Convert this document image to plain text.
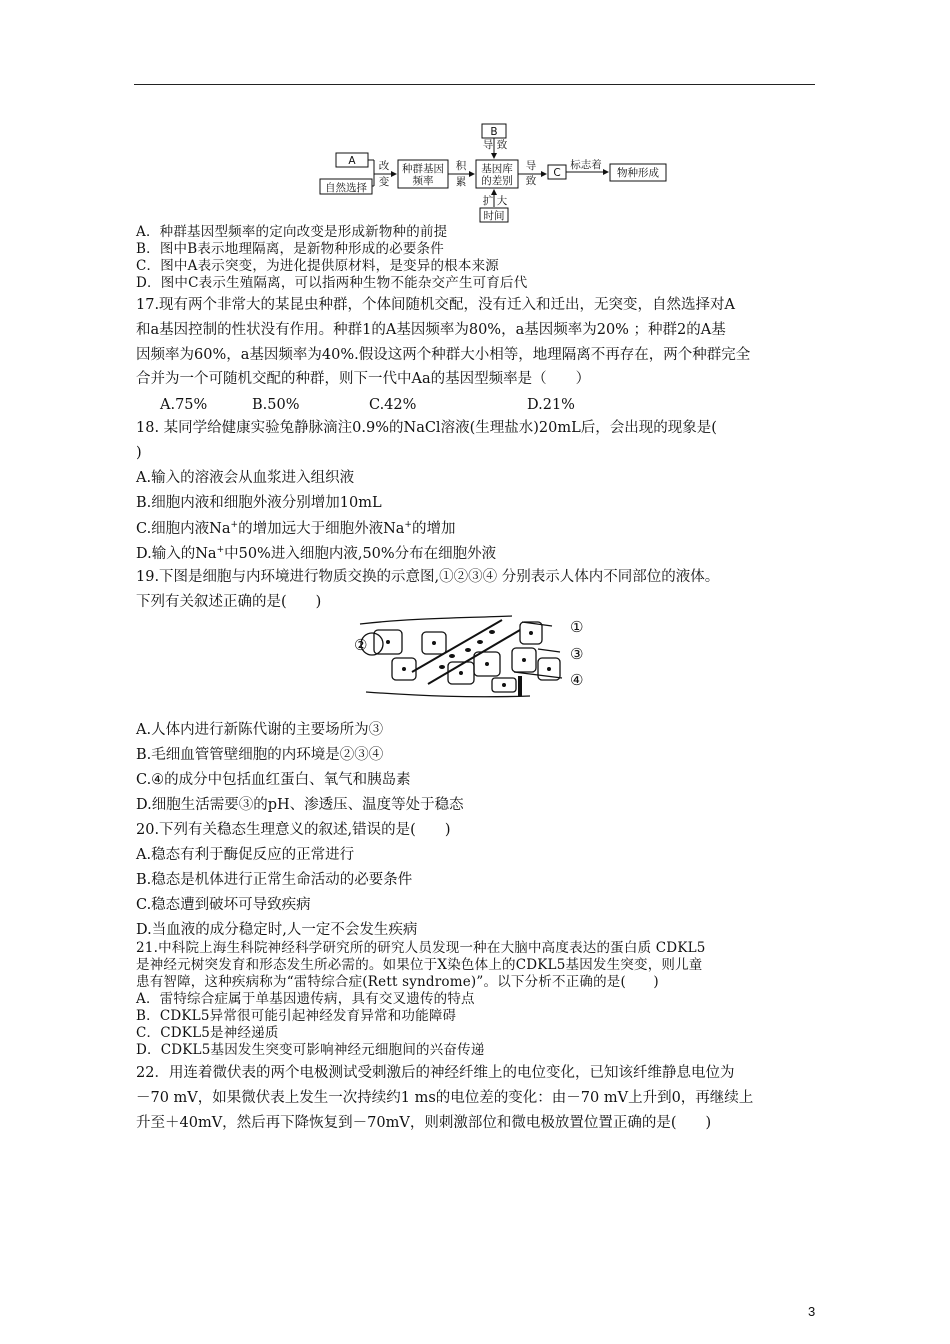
A
自然选择
改
变
种群基因
频率
积
累
B
导 致
基因库
的差别
扩 大
时间
导
致
C
标志着
物种形成
A．种群基因型频率的定向改变是形成新物种的前提
B．图中B表示地理隔离，是新物种形成的必要条件
C．图中A表示突变，为进化提供原材料，是变异的根本来源
D．图中C表示生殖隔离，可以指两种生物不能杂交产生可育后代
17.现有两个非常大的某昆虫种群，个体间随机交配，没有迁入和迁出，无突变，自然选择对A
和a基因控制的性状没有作用。种群1的A基因频率为80%，a基因频率为20% ；种群2的A基
因频率为60%，a基因频率为40%.假设这两个种群大小相等，地理隔离不再存在，两个种群完全
合并为一个可随机交配的种群，则下一代中Aa的基因型频率是（　　）
A.75%	B.50%	C.42%	D.21%
18. 某同学给健康实验兔静脉滴注0.9%的NaCl溶液(生理盐水)20mL后，会出现的现象是(
)
A.输入的溶液会从血浆进入组织液
B.细胞内液和细胞外液分别增加10mL
C.细胞内液Na+的增加远大于细胞外液Na+的增加
D.输入的Na+中50%进入细胞内液,50%分布在细胞外液
19.下图是细胞与内环境进行物质交换的示意图,①②③④ 分别表示人体内不同部位的液体。
下列有关叙述正确的是(　　)
①
②	③
④
A.人体内进行新陈代谢的主要场所为③
B.毛细血管管壁细胞的内环境是②③④
C.④的成分中包括血红蛋白、氧气和胰岛素
D.细胞生活需要③的pH、渗透压、温度等处于稳态
20.下列有关稳态生理意义的叙述,错误的是(　　)
A.稳态有利于酶促反应的正常进行
B.稳态是机体进行正常生命活动的必要条件
C.稳态遭到破坏可导致疾病
D.当血液的成分稳定时,人一定不会发生疾病
21.中科院上海生科院神经科学研究所的研究人员发现一种在大脑中高度表达的蛋白质 CDKL5
是神经元树突发育和形态发生所必需的。如果位于X染色体上的CDKL5基因发生突变，则儿童
患有智障，这种疾病称为“雷特综合症(Rett syndrome)”。以下分析不正确的是(　　)
A．雷特综合症属于单基因遗传病，具有交叉遗传的特点
B．CDKL5异常很可能引起神经发育异常和功能障碍
C．CDKL5是神经递质
D．CDKL5基因发生突变可影响神经元细胞间的兴奋传递
22．用连着微伏表的两个电极测试受刺激后的神经纤维上的电位变化，已知该纤维静息电位为
－70 mV，如果微伏表上发生一次持续约1 ms的电位差的变化：由－70 mV上升到0，再继续上
升至＋40mV，然后再下降恢复到－70mV，则刺激部位和微电极放置位置正确的是(　　)
3
